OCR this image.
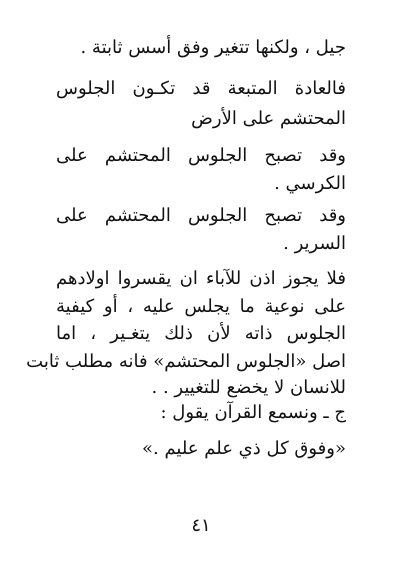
جيل ، ولكنها تتغير وفق أسس ثابتة .
فالعادة المتبعة قد تكـون الجلوس
المحتشم على الأرض
وقد تصبح الجلوس المحتشم على
الكرسي .
وقد تصبح الجلوس المحتشم على
السرير .
فلا يجوز اذن للآباء ان يقسروا اولادهم
على نوعية ما يجلس عليه ، أو كيفية
الجلوس ذاته لأن ذلك يتغـير ، اما
اصل «الجلوس المحتشم» فانه مطلب ثابت
للانسان لا يخضع للتغيير . .
ج ـ ونسمع القرآن يقول :
«وفوق كل ذي علم عليم .»
٤١
